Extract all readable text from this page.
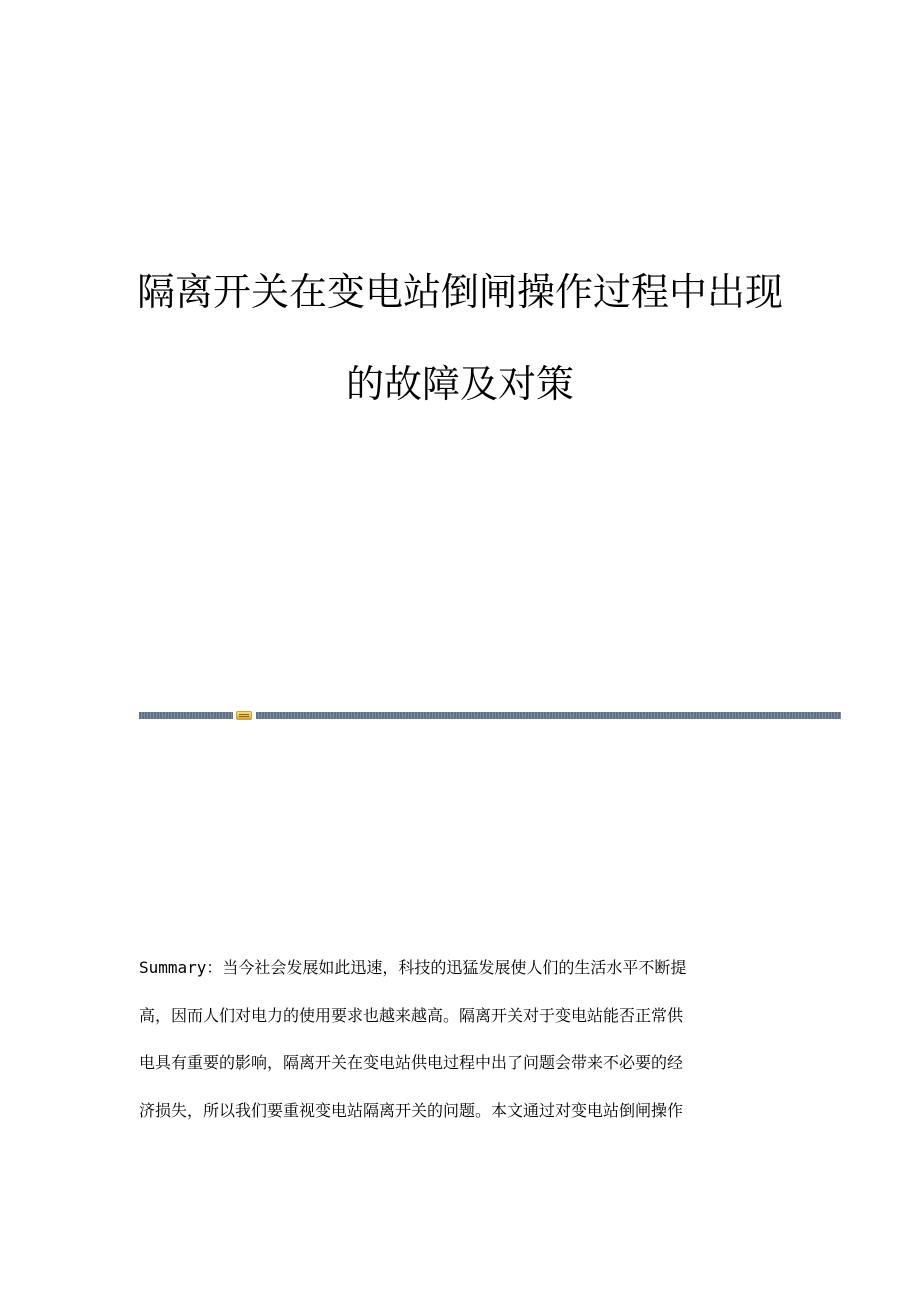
隔离开关在变电站倒闸操作过程中出现
的故障及对策
Summary：当今社会发展如此迅速，科技的迅猛发展使人们的生活水平不断提
高，因而人们对电力的使用要求也越来越高。隔离开关对于变电站能否正常供
电具有重要的影响，隔离开关在变电站供电过程中出了问题会带来不必要的经
济损失，所以我们要重视变电站隔离开关的问题。本文通过对变电站倒闸操作
